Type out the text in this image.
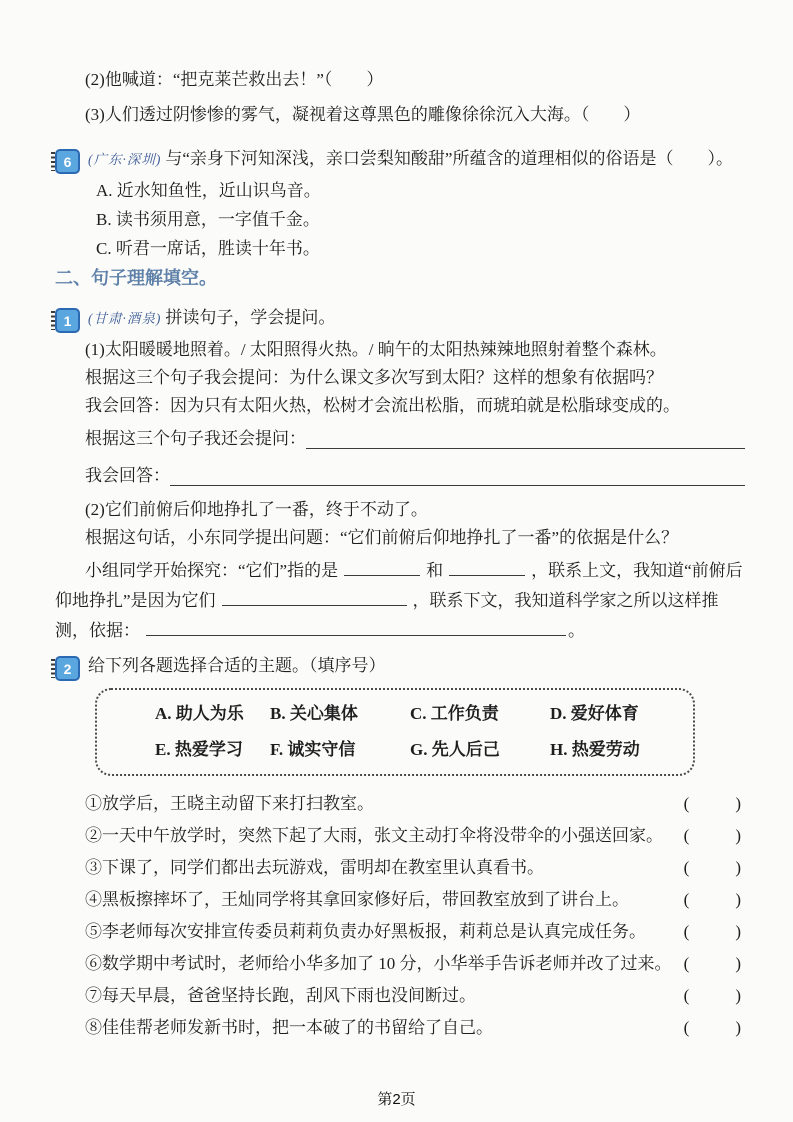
(2)他喊道：“把克莱芒救出去！”（　　）
(3)人们透过阴惨惨的雾气，凝视着这尊黑色的雕像徐徐沉入大海。（　　）
6	(广东·深圳) 与“亲身下河知深浅，亲口尝梨知酸甜”所蕴含的道理相似的俗语是（　　）。
A. 近水知鱼性，近山识鸟音。
B. 读书须用意，一字值千金。
C. 听君一席话，胜读十年书。
二、句子理解填空。
1	(甘肃·酒泉) 拼读句子，学会提问。
(1)太阳暖暖地照着。/ 太阳照得火热。/ 晌午的太阳热辣辣地照射着整个森林。
根据这三个句子我会提问：为什么课文多次写到太阳？这样的想象有依据吗？
我会回答：因为只有太阳火热，松树才会流出松脂，而琥珀就是松脂球变成的。
根据这三个句子我还会提问：
我会回答：
(2)它们前俯后仰地挣扎了一番，终于不动了。
根据这句话，小东同学提出问题：“它们前俯后仰地挣扎了一番”的依据是什么？
小组同学开始探究：“它们”指的是	和	，联系上文，我知道“前俯后仰地挣扎”是因为它们	，联系下文，我知道科学家之所以这样推测，依据：	。
2 给下列各题选择合适的主题。（填序号）
A. 助人为乐	B. 关心集体	C. 工作负责	D. 爱好体育
E. 热爱学习	F. 诚实守信	G. 先人后己	H. 热爱劳动
①放学后，王晓主动留下来打扫教室。	(　　)
②一天中午放学时，突然下起了大雨，张文主动打伞将没带伞的小强送回家。	(　　)
③下课了，同学们都出去玩游戏，雷明却在教室里认真看书。	(　　)
④黑板擦摔坏了，王灿同学将其拿回家修好后，带回教室放到了讲台上。	(　　)
⑤李老师每次安排宣传委员莉莉负责办好黑板报，莉莉总是认真完成任务。	(　　)
⑥数学期中考试时，老师给小华多加了 10 分，小华举手告诉老师并改了过来。 (　　)
⑦每天早晨，爸爸坚持长跑，刮风下雨也没间断过。	(　　)
⑧佳佳帮老师发新书时，把一本破了的书留给了自己。	(　　)
第2页
